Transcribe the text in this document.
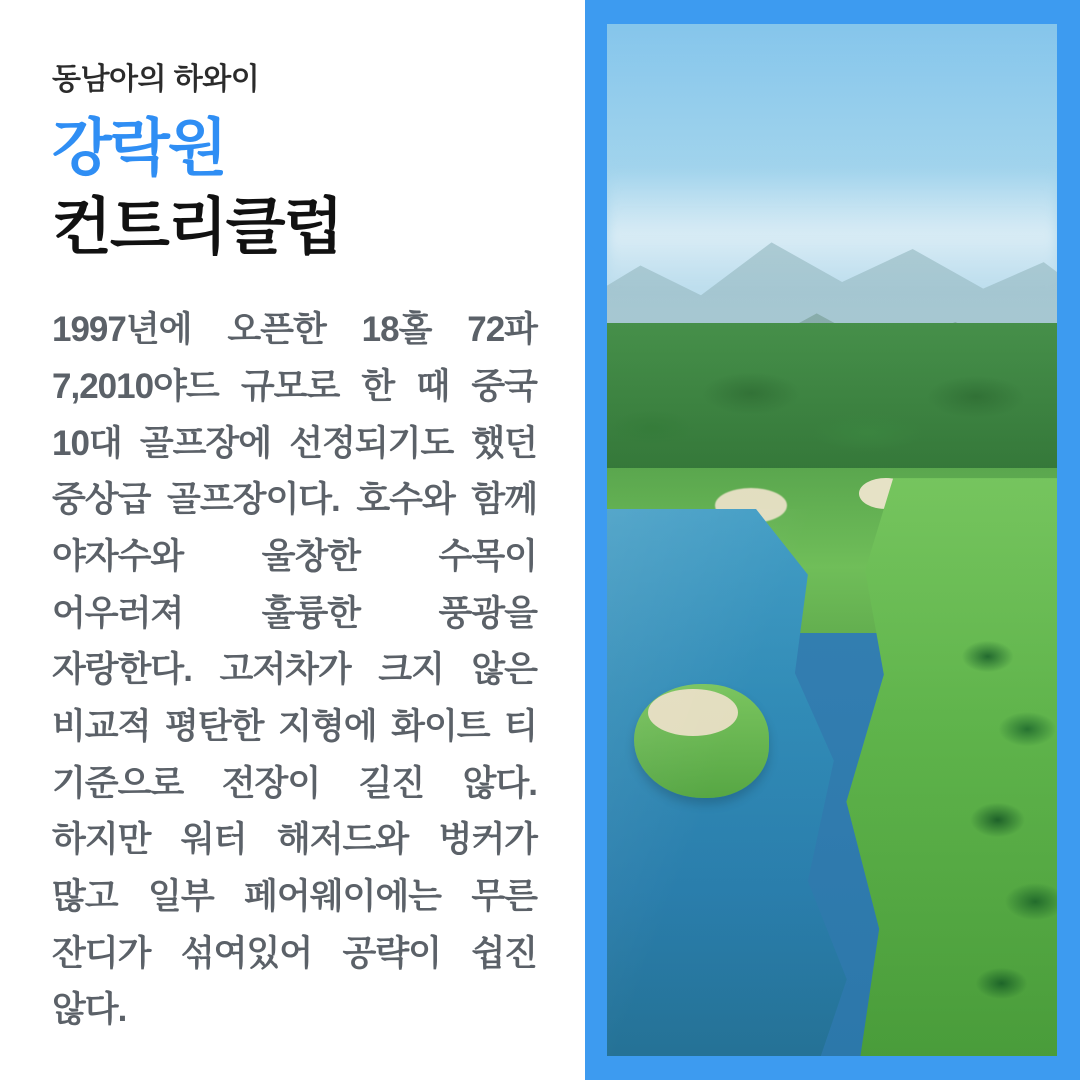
동남아의 하와이

강락원
컨트리클럽

1997년에 오픈한 18홀 72파 7,2010야드 규모로 한 때 중국 10대 골프장에 선정되기도 했던 중상급 골프장이다. 호수와 함께 야자수와 울창한 수목이 어우러져 훌륭한 풍광을 자랑한다. 고저차가 크지 않은 비교적 평탄한 지형에 화이트 티 기준으로 전장이 길진 않다. 하지만 워터 해저드와 벙커가 많고 일부 페어웨이에는 무른 잔디가 섞여있어 공략이 쉽진 않다.
